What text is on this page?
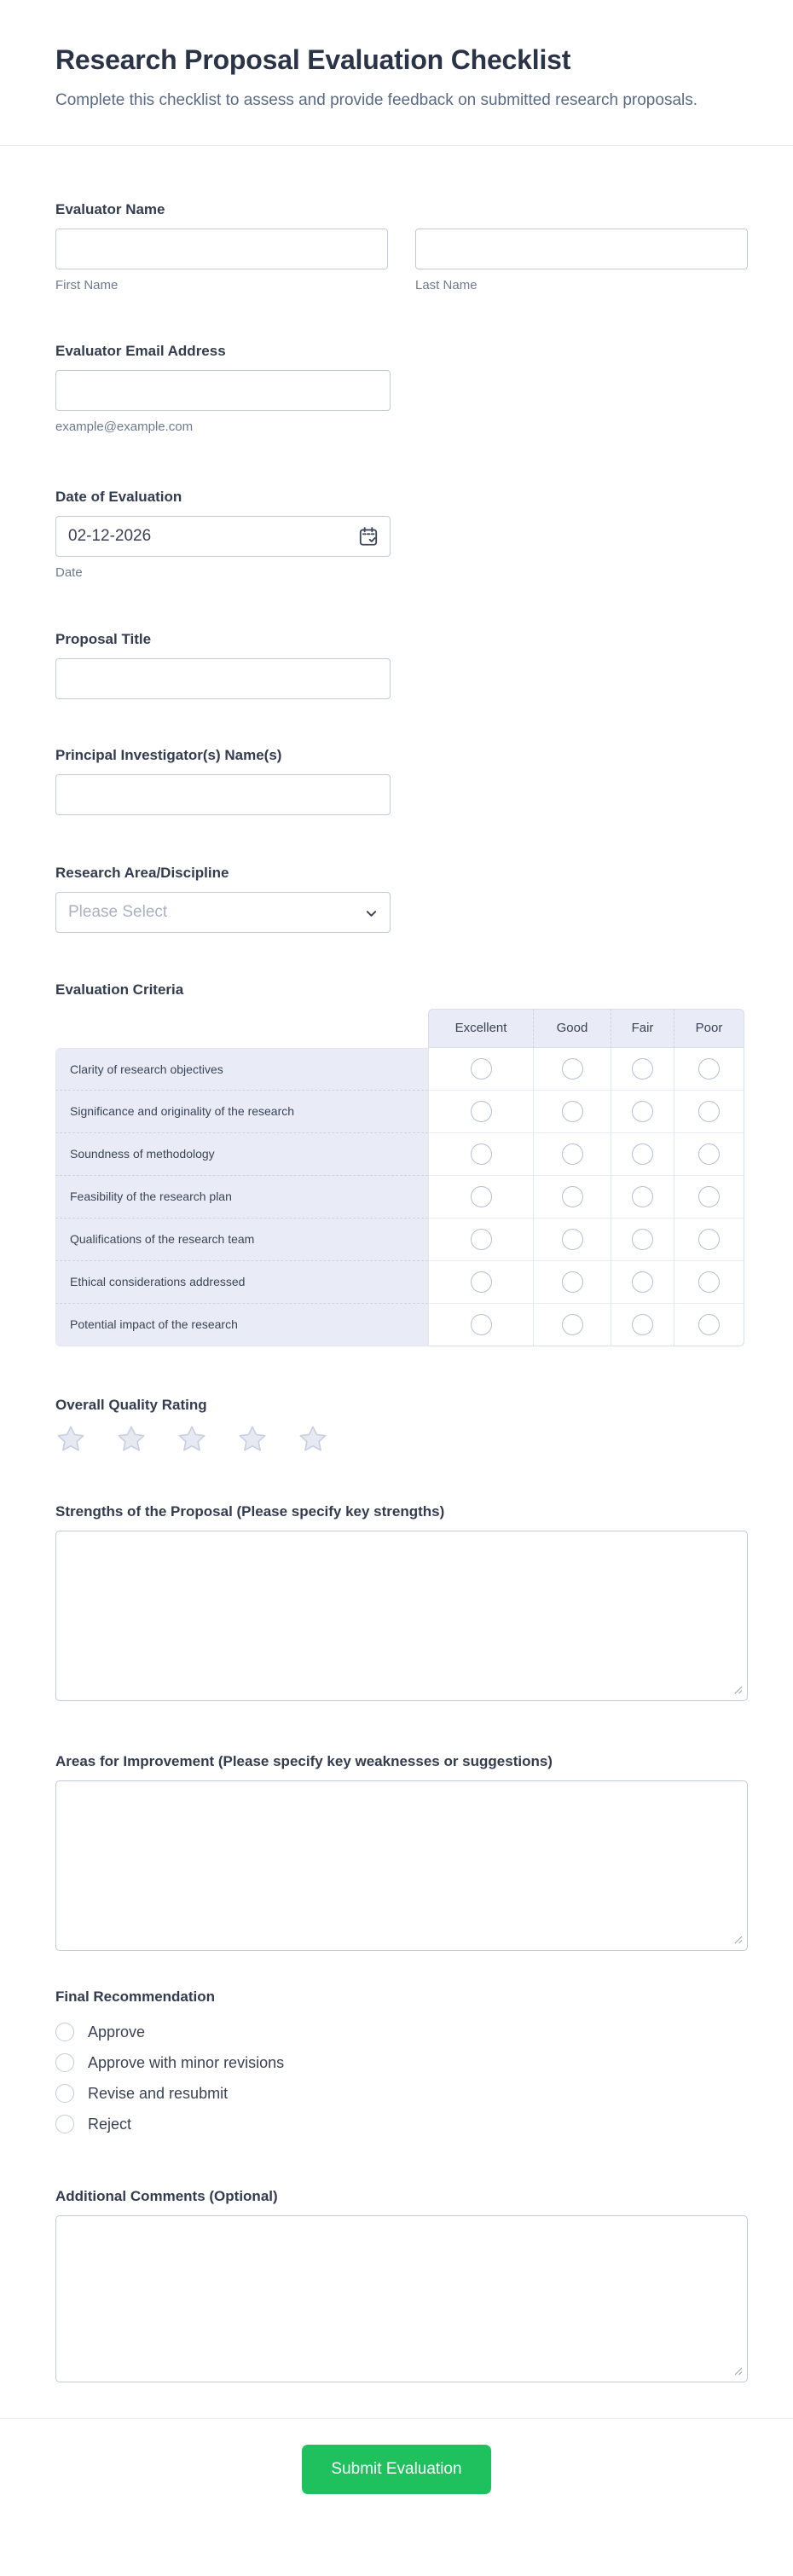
Research Proposal Evaluation Checklist
Complete this checklist to assess and provide feedback on submitted research proposals.
Evaluator Name
First Name	Last Name
Evaluator Email Address
example@example.com
Date of Evaluation
02-12-2026
Date
Proposal Title
Principal Investigator(s) Name(s)
Research Area/Discipline
Please Select
Evaluation Criteria
Excellent	Good	Fair	Poor
Clarity of research objectives
Significance and originality of the research
Soundness of methodology
Feasibility of the research plan
Qualifications of the research team
Ethical considerations addressed
Potential impact of the research
Overall Quality Rating
Strengths of the Proposal (Please specify key strengths)
Areas for Improvement (Please specify key weaknesses or suggestions)
Final Recommendation
Approve
Approve with minor revisions
Revise and resubmit
Reject
Additional Comments (Optional)
Submit Evaluation
